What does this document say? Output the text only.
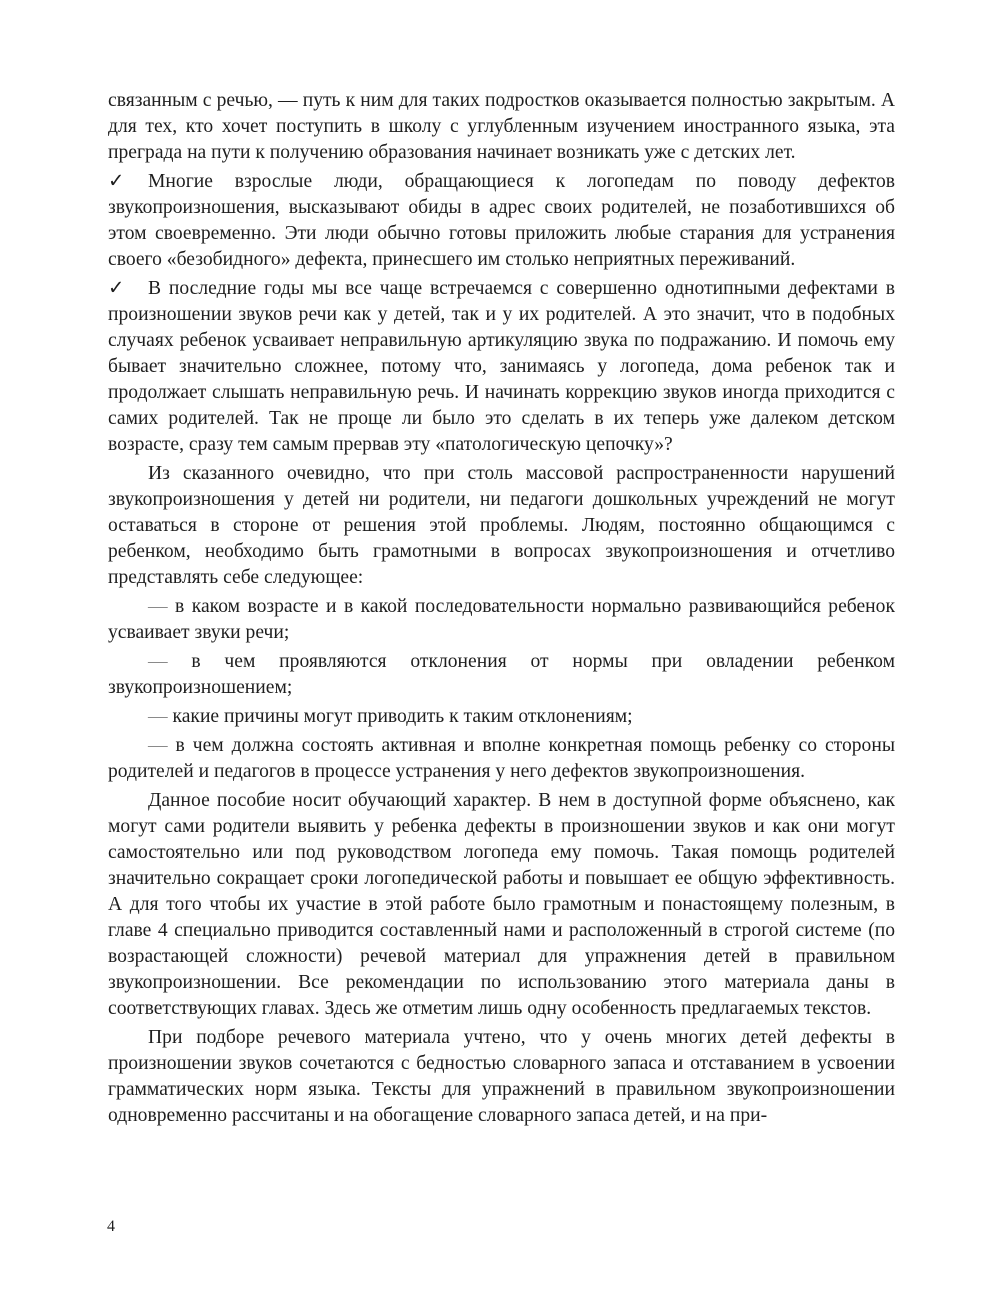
связанным с речью, — путь к ним для таких подростков оказывается полностью закрытым. А для тех, кто хочет поступить в школу с углубленным изучением иностранного языка, эта преграда на пути к получению образования начинает возникать уже с детских лет.

✓ Многие взрослые люди, обращающиеся к логопедам по поводу дефектов звукопроизношения, высказывают обиды в адрес своих родителей, не позаботившихся об этом своевременно. Эти люди обычно готовы приложить любые старания для устранения своего «безобидного» дефекта, принесшего им столько неприятных переживаний.

✓ В последние годы мы все чаще встречаемся с совершенно однотипными дефектами в произношении звуков речи как у детей, так и у их родителей. А это значит, что в подобных случаях ребенок усваивает неправильную артикуляцию звука по подражанию. И помочь ему бывает значительно сложнее, потому что, занимаясь у логопеда, дома ребенок так и продолжает слышать неправильную речь. И начинать коррекцию звуков иногда приходится с самих родителей. Так не проще ли было это сделать в их теперь уже далеком детском возрасте, сразу тем самым прервав эту «патологическую цепочку»?

Из сказанного очевидно, что при столь массовой распространенности нарушений звукопроизношения у детей ни родители, ни педагоги дошкольных учреждений не могут оставаться в стороне от решения этой проблемы. Людям, постоянно общающимся с ребенком, необходимо быть грамотными в вопросах звукопроизношения и отчетливо представлять себе следующее:

— в каком возрасте и в какой последовательности нормально развивающийся ребенок усваивает звуки речи;

— в чем проявляются отклонения от нормы при овладении ребенком звукопроизношением;

— какие причины могут приводить к таким отклонениям;

— в чем должна состоять активная и вполне конкретная помощь ребенку со стороны родителей и педагогов в процессе устранения у него дефектов звукопроизношения.

Данное пособие носит обучающий характер. В нем в доступной форме объяснено, как могут сами родители выявить у ребенка дефекты в произношении звуков и как они могут самостоятельно или под руководством логопеда ему помочь. Такая помощь родителей значительно сокращает сроки логопедической работы и повышает ее общую эффективность. А для того чтобы их участие в этой работе было грамотным и понастоящему полезным, в главе 4 специально приводится составленный нами и расположенный в строгой системе (по возрастающей сложности) речевой материал для упражнения детей в правильном звукопроизношении. Все рекомендации по использованию этого материала даны в соответствующих главах. Здесь же отметим лишь одну особенность предлагаемых текстов.

При подборе речевого материала учтено, что у очень многих детей дефекты в произношении звуков сочетаются с бедностью словарного запаса и отставанием в усвоении грамматических норм языка. Тексты для упражнений в правильном звукопроизношении одновременно рассчитаны и на обогащение словарного запаса детей, и на при-

4
